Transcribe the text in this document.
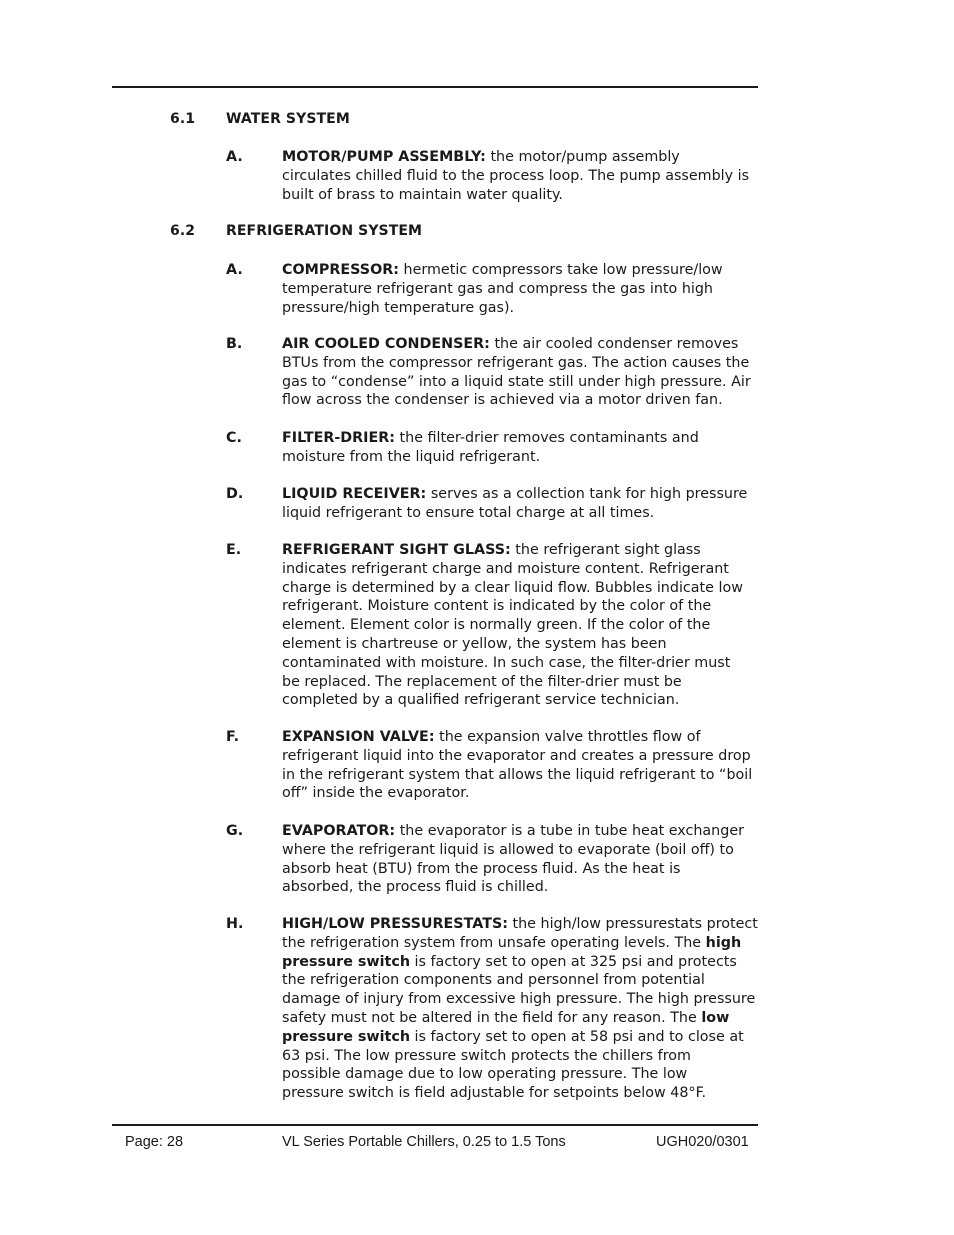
6.1 WATER SYSTEM
A.	MOTOR/PUMP ASSEMBLY: the motor/pump assembly
circulates chilled fluid to the process loop. The pump assembly is
built of brass to maintain water quality.
6.2 REFRIGERATION SYSTEM
A.	COMPRESSOR: hermetic compressors take low pressure/low
temperature refrigerant gas and compress the gas into high
pressure/high temperature gas).
B.	AIR COOLED CONDENSER: the air cooled condenser removes
BTUs from the compressor refrigerant gas. The action causes the
gas to “condense” into a liquid state still under high pressure. Air
flow across the condenser is achieved via a motor driven fan.
C.	FILTER-DRIER: the filter-drier removes contaminants and
moisture from the liquid refrigerant.
D.	LIQUID RECEIVER: serves as a collection tank for high pressure
liquid refrigerant to ensure total charge at all times.
E.	REFRIGERANT SIGHT GLASS: the refrigerant sight glass
indicates refrigerant charge and moisture content. Refrigerant
charge is determined by a clear liquid flow. Bubbles indicate low
refrigerant. Moisture content is indicated by the color of the
element. Element color is normally green. If the color of the
element is chartreuse or yellow, the system has been
contaminated with moisture. In such case, the filter-drier must
be replaced. The replacement of the filter-drier must be
completed by a qualified refrigerant service technician.
F.	EXPANSION VALVE: the expansion valve throttles flow of
refrigerant liquid into the evaporator and creates a pressure drop
in the refrigerant system that allows the liquid refrigerant to “boil
off” inside the evaporator.
G.	EVAPORATOR: the evaporator is a tube in tube heat exchanger
where the refrigerant liquid is allowed to evaporate (boil off) to
absorb heat (BTU) from the process fluid. As the heat is
absorbed, the process fluid is chilled.
H.	HIGH/LOW PRESSURESTATS: the high/low pressurestats protect
the refrigeration system from unsafe operating levels. The high
pressure switch is factory set to open at 325 psi and protects
the refrigeration components and personnel from potential
damage of injury from excessive high pressure. The high pressure
safety must not be altered in the field for any reason. The low
pressure switch is factory set to open at 58 psi and to close at
63 psi. The low pressure switch protects the chillers from
possible damage due to low operating pressure. The low
pressure switch is field adjustable for setpoints below 48°F.
Page: 28	VL Series Portable Chillers, 0.25 to 1.5 Tons	UGH020/0301
